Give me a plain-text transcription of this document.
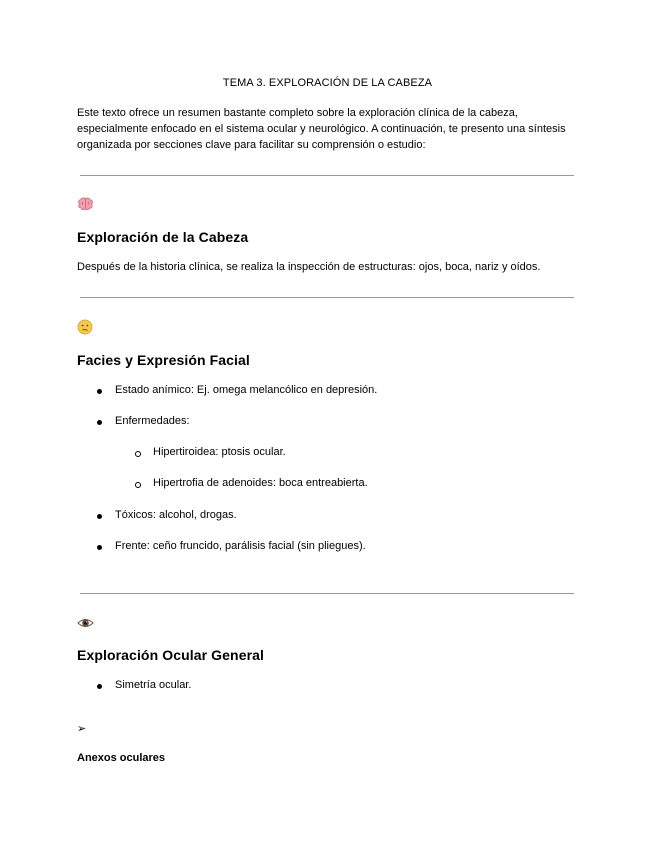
TEMA 3. EXPLORACIÓN DE LA CABEZA
Este texto ofrece un resumen bastante completo sobre la exploración clínica de la cabeza, especialmente enfocado en el sistema ocular y neurológico. A continuación, te presento una síntesis organizada por secciones clave para facilitar su comprensión o estudio:
Exploración de la Cabeza
Después de la historia clínica, se realiza la inspección de estructuras: ojos, boca, nariz y oídos.
Facies y Expresión Facial
Estado anímico: Ej. omega melancólico en depresión.
Enfermedades:
Hipertiroidea: ptosis ocular.
Hipertrofia de adenoides: boca entreabierta.
Tóxicos: alcohol, drogas.
Frente: ceño fruncido, parálisis facial (sin pliegues).
Exploración Ocular General
Simetría ocular.
➢
Anexos oculares
